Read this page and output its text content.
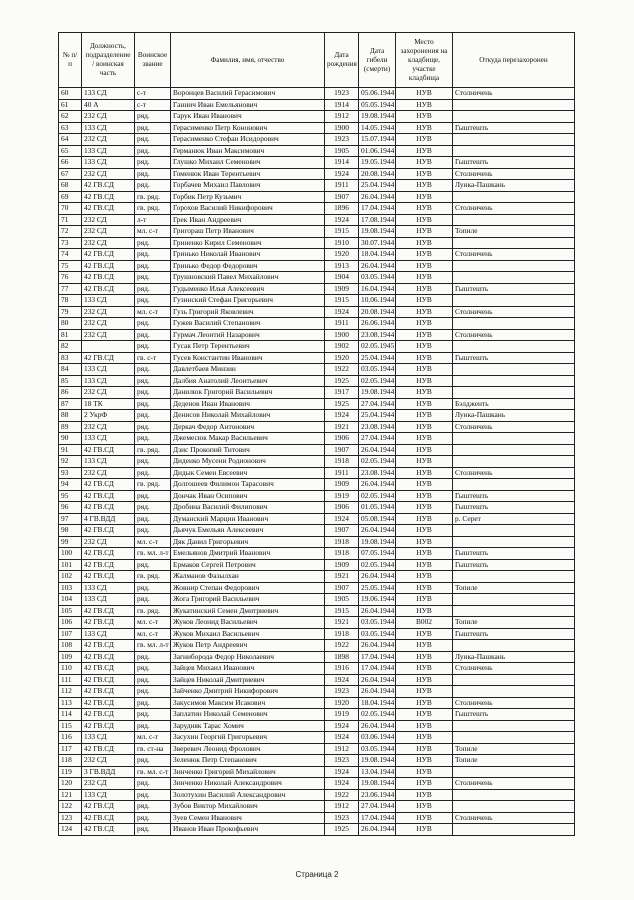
№ п/п	Должность, подразделение / воинская часть	Воинское звание	Фамилия, имя, отчество	Дата рождения	Дата гибели (смерти)	Место захоронения на кладбище, участке кладбища	Откуда перезахоронен
60	133 СД	с-т	Воронцев Василий Герасимович	1923	05.06.1944	НУВ	Столничень
61	40 А	с-т	Ганнич Иван Емельянович	1914	05.05.1944	НУВ	
62	232 СД	ряд.	Гарук Иван Иванович	1912	19.08.1944	НУВ	
63	133 СД	ряд.	Герасименко Петр Кононович	1900	14.05.1944	НУВ	Гыштешть
64	232 СД	ряд.	Герасименко Стефан Исидорович	1923	15.07.1944	НУВ	
65	133 СД	ряд.	Германюк Иван Максимович	1905	01.06.1944	НУВ	
66	133 СД	ряд.	Глушко Михаил Семенович	1914	19.05.1944	НУВ	Гыштешть
67	232 СД	ряд.	Гоменюк Иван Терентьевич	1924	20.08.1944	НУВ	Столничень
68	42 ГВ.СД	ряд.	Горбачев Михаил Павлович	1911	25.04.1944	НУВ	Лунка-Пашкань
69	42 ГВ.СД	гв. ряд.	Горбик Петр Кузьмич	1907	26.04.1944	НУВ	
70	42 ГВ.СД	гв. ряд.	Горохов Василий Никифорович	1896	17.04.1944	НУВ	Столничень
71	232 СД	л-т	Грек Иван Андреевич	1924	17.08.1944	НУВ	
72	232 СД	мл. с-т	Григораш Петр Иванович	1915	19.08.1944	НУВ	Топиле
73	232 СД	ряд.	Гриненко Кирил Семенович	1910	30.07.1944	НУВ	
74	42 ГВ.СД	ряд.	Гринько Николай Иванович	1920	18.04.1944	НУВ	Столничень
75	42 ГВ.СД	ряд.	Гринько Федор Федорович	1913	26.04.1944	НУВ	
76	42 ГВ.СД	ряд.	Грушновский Павел Михайлович	1904	03.05.1944	НУВ	
77	42 ГВ.СД	ряд.	Гудыменко Илья Алексеевич	1909	16.04.1944	НУВ	Гыштешть
78	133 СД	ряд.	Гузинский Стефан Григорьевич	1915	10.06.1944	НУВ	
79	232 СД	мл. с-т	Гузь Григорий Яковлевич	1924	20.08.1944	НУВ	Столничень
80	232 СД	ряд.	Гужев Василий Степанович	1911	26.06.1944	НУВ	
81	232 СД	ряд.	Гурмач Леонтий Назарович	1900	23.08.1944	НУВ	Столничень
82		ряд.	Гусак Петр Терентьевич	1902	02.05.1945	НУВ	
83	42 ГВ.СД	гв. с-т	Гусев Константин Иванович	1920	25.04.1944	НУВ	Гыштешть
84	133 СД	ряд.	Давлетбаев Минзин	1922	03.05.1944	НУВ	
85	133 СД	ряд.	Далбия Анатолий Леонтьевич	1925	02.05.1944	НУВ	
86	232 СД	ряд.	Данилюк Григорий Васильевич	1917	19.08.1944	НУВ	
87	18 ТК	ряд.	Деденов Иван Иванович	1925	27.04.1944	НУВ	Бэлдженть
88	2 УкрФ	ряд.	Денисов Николай Михайлович	1924	25.04.1944	НУВ	Лунка-Пашкань
89	232 СД	ряд.	Деркач Федор Антонович	1921	23.08.1944	НУВ	Столничень
90	133 СД	ряд.	Джемесюк Макар Васильевич	1906	27.04.1944	НУВ	
91	42 ГВ.СД	гв. ряд.	Дзис Прокопий Титович	1907	26.04.1944	НУВ	
92	133 СД	ряд.	Диденко Мусени Родионович	1918	02.05.1944	НУВ	
93	232 СД	ряд.	Дидык Семен Евсеевич	1911	23.08.1944	НУВ	Столничень
94	42 ГВ.СД	гв. ряд.	Долгошеев Филимон Тарасович	1909	26.04.1944	НУВ	
95	42 ГВ.СД	ряд.	Дончак Иван Осипович	1919	02.05.1944	НУВ	Гыштешть
96	42 ГВ.СД	ряд.	Дробина Василий Филипович	1906	01.05.1944	НУВ	Гыштешть
97	4 ГВ.ВДД	ряд.	Думанский Марцин Иванович	1924	05.08.1944	НУВ	р. Серет
98	42 ГВ.СД	ряд.	Дьячук Емельян Алексеевич	1907	26.04.1944	НУВ	
99	232 СД	мл. с-т	Дяк Данил Григорьевич	1918	19.08.1944	НУВ	
100	42 ГВ.СД	гв. мл. л-т	Емельянов Дмитрий Иванович	1918	07.05.1944	НУВ	Гыштешть
101	42 ГВ.СД	ряд.	Ермаков Сергей Петрович	1909	02.05.1944	НУВ	Гыштешть
102	42 ГВ.СД	гв. ряд.	Жалманов Фазылхан	1921	26.04.1944	НУВ	
103	133 СД	ряд.	Жовнир Степан Федорович	1907	25.05.1944	НУВ	Топиле
104	133 СД	ряд.	Жога Григорий Васильевич	1905	19.06.1944	НУВ	
105	42 ГВ.СД	гв. ряд.	Жукатинский Семен Дмитриевич	1915	26.04.1944	НУВ	
106	42 ГВ.СД	мл. с-т	Жуков Леонид Васильевич	1921	03.05.1944	В002	Топиле
107	133 СД	мл. с-т	Жуков Михаил Васильевич	1918	03.05.1944	НУВ	Гыштешть
108	42 ГВ.СД	гв. мл. л-т	Жуков Петр Андреевич	1922	26.04.1944	НУВ	
109	42 ГВ.СД	ряд.	Загниборода Федор Николаевич	1898	17.04.1944	НУВ	Лунка-Пашкань
110	42 ГВ.СД	ряд.	Зайцев Михаил Иванович	1916	17.04.1944	НУВ	Столничень
111	42 ГВ.СД	ряд.	Зайцев Николай Дмитриевич	1924	26.04.1944	НУВ	
112	42 ГВ.СД	ряд.	Зайченко Дмитрий Никифорович	1923	26.04.1944	НУВ	
113	42 ГВ.СД	ряд.	Закусимов Максим Исакович	1920	18.04.1944	НУВ	Столничень
114	42 ГВ.СД	ряд.	Заплатин Николай Семенович	1919	02.05.1944	НУВ	Гыштешть
115	42 ГВ.СД	ряд.	Зарудняк Тарас Хомич	1924	26.04.1944	НУВ	
116	133 СД	мл. с-т	Засухин Георгий Григорьевич	1924	03.06.1944	НУВ	
117	42 ГВ.СД	гв. ст-на	Зверевич Леонид Фролович	1912	03.05.1944	НУВ	Топиле
118	232 СД	ряд.	Зеленюк Петр Степанович	1923	19.08.1944	НУВ	Топиле
119	3 ГВ.ВДД	гв. мл. с-т	Зинченко Григорий Михайлович	1924	13.04.1944	НУВ	
120	232 СД	ряд.	Зинченко Николай Александрович	1924	19.08.1944	НУВ	Столничень
121	133 СД	ряд.	Золотухин Василий Александрович	1922	23.06.1944	НУВ	
122	42 ГВ.СД	ряд.	Зубов Виктор Михайлович	1912	27.04.1944	НУВ	
123	42 ГВ.СД	ряд.	Зуев Семен Иванович	1923	17.04.1944	НУВ	Столничень
124	42 ГВ.СД	ряд.	Иванов Иван Прокофьевич	1925	26.04.1944	НУВ	
Страница 2
